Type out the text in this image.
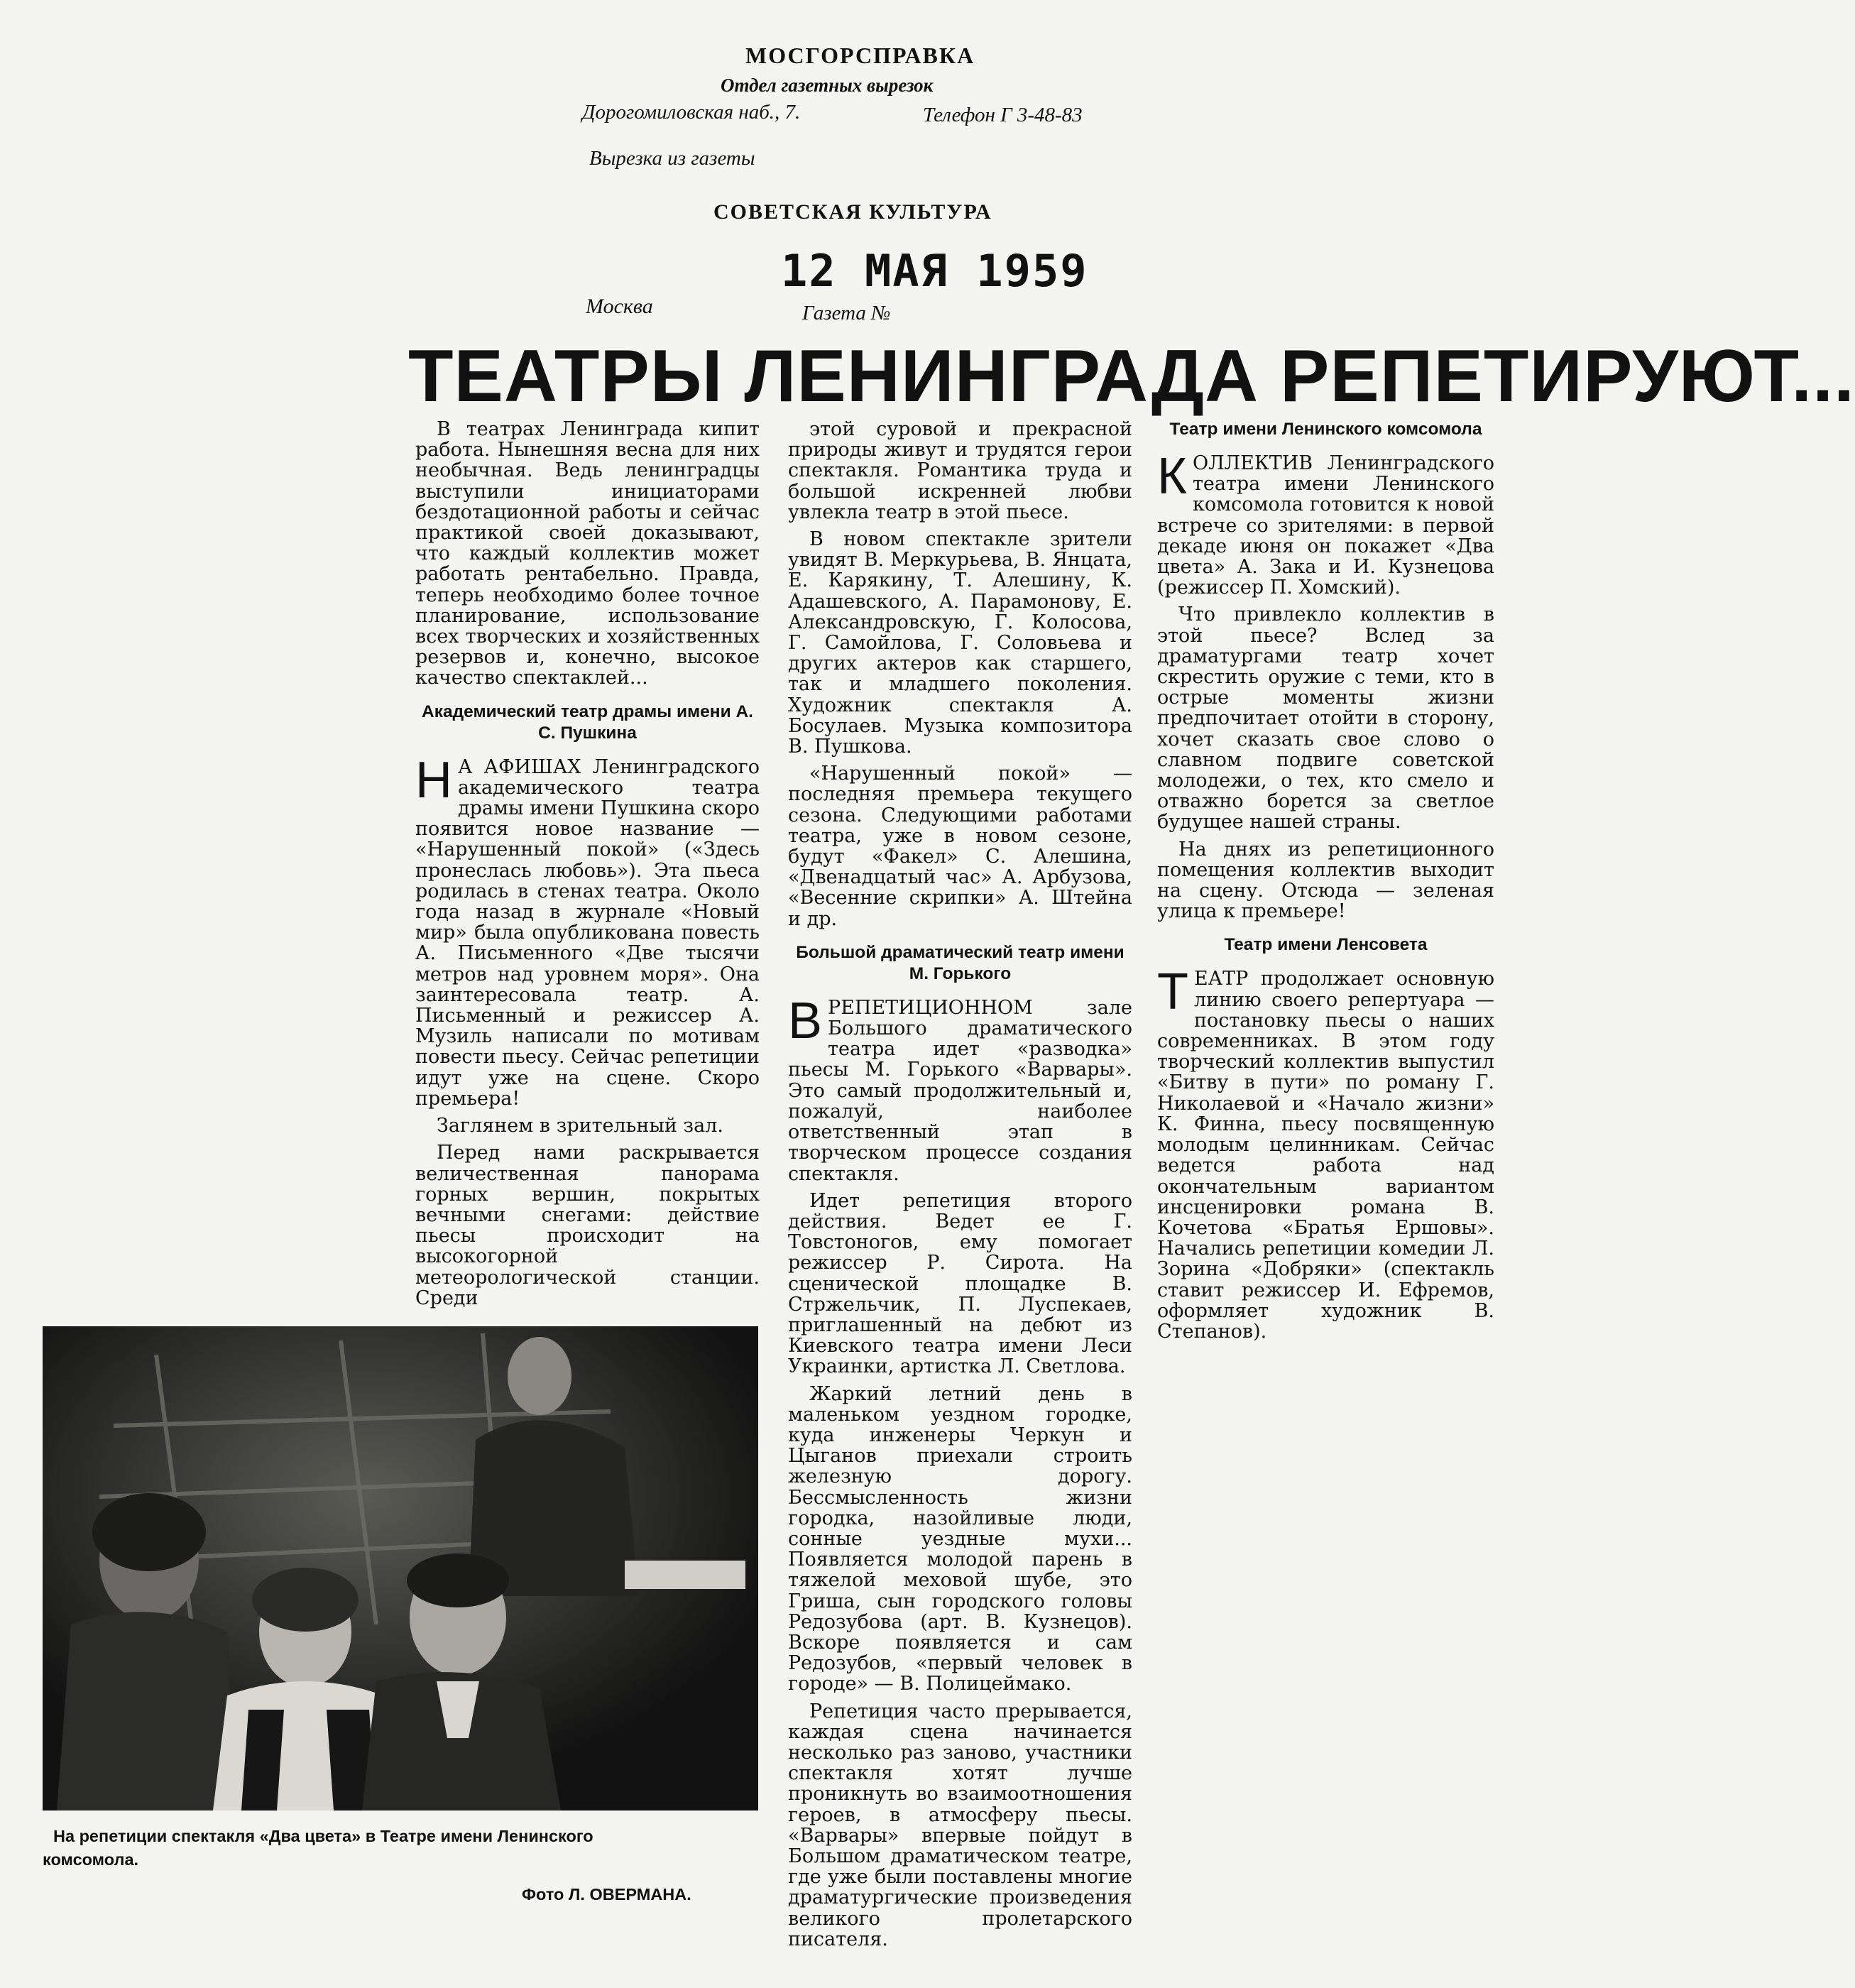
МОСГОРСПРАВКА
Отдел газетных вырезок
Дорогомиловская наб., 7.	Телефон Г 3-48-83
Вырезка из газеты
СОВЕТСКАЯ КУЛЬТУРА
12 МАЯ 1959
Москва	Газета №
ТЕАТРЫ ЛЕНИНГРАДА РЕПЕТИРУЮТ...

В театрах Ленинграда кипит работа. Нынешняя весна для них необычная. Ведь ленинградцы выступили инициаторами бездотационной работы и сейчас практикой своей доказывают, что каждый коллектив может работать рентабельно. Правда, теперь необходимо более точное планирование, использование всех творческих и хозяйственных резервов и, конечно, высокое качество спектаклей...

Академический театр драмы имени А. С. Пушкина

Н А АФИШАХ Ленинградского академического театра драмы имени Пушкина скоро появится новое название — «Нарушенный покой» («Здесь пронеслась любовь»). Эта пьеса родилась в стенах театра. Около года назад в журнале «Новый мир» была опубликована повесть А. Письменного «Две тысячи метров над уровнем моря». Она заинтересовала театр. А. Письменный и режиссер А. Музиль написали по мотивам повести пьесу. Сейчас репетиции идут уже на сцене. Скоро премьера!

Заглянем в зрительный зал.

Перед нами раскрывается величественная панорама горных вершин, покрытых вечными снегами: действие пьесы происходит на высокогорной метеорологической станции. Среди

этой суровой и прекрасной природы живут и трудятся герои спектакля. Романтика труда и большой искренней любви увлекла театр в этой пьесе.

В новом спектакле зрители увидят В. Меркурьева, В. Янцата, Е. Карякину, Т. Алешину, К. Адашевского, А. Парамонову, Е. Александровскую, Г. Колосова, Г. Самойлова, Г. Соловьева и других актеров как старшего, так и младшего поколения. Художник спектакля А. Босулаев. Музыка композитора В. Пушкова.

«Нарушенный покой» — последняя премьера текущего сезона. Следующими работами театра, уже в новом сезоне, будут «Факел» С. Алешина, «Двенадцатый час» А. Арбузова, «Весенние скрипки» А. Штейна и др.

Большой драматический театр имени М. Горького

ВРЕПЕТИЦИОННОМ зале Большого драматического театра идет «разводка» пьесы М. Горького «Варвары». Это самый продолжительный и, пожалуй, наиболее ответственный этап в творческом процессе создания спектакля.

Идет репетиция второго действия. Ведет ее Г. Товстоногов, ему помогает режиссер Р. Сирота. На сценической площадке В. Стржельчик, П. Луспекаев, приглашенный на дебют из Киевского театра имени Леси Украинки, артистка Л. Светлова.

Жаркий летний день в маленьком уездном городке, куда инженеры Черкун и Цыганов приехали строить железную дорогу. Бессмысленность жизни городка, назойливые люди, сонные уездные мухи... Появляется молодой парень в тяжелой меховой шубе, это Гриша, сын городского головы Редозубова (арт. В. Кузнецов). Вскоре появляется и сам Редозубов, «первый человек в городе» — В. Полицеймако.

Репетиция часто прерывается, каждая сцена начинается несколько раз заново, участники спектакля хотят лучше проникнуть во взаимоотношения героев, в атмосферу пьесы. «Варвары» впервые пойдут в Большом драматическом театре, где уже были поставлены многие драматургические произведения великого пролетарского писателя.

Театр имени Ленинского комсомола

КОЛЛЕКТИВ Ленинградского театра имени Ленинского комсомола готовится к новой встрече со зрителями: в первой декаде июня он покажет «Два цвета» А. Зака и И. Кузнецова (режиссер П. Хомский).

Что привлекло коллектив в этой пьесе? Вслед за драматургами театр хочет скрестить оружие с теми, кто в острые моменты жизни предпочитает отойти в сторону, хочет сказать свое слово о славном подвиге советской молодежи, о тех, кто смело и отважно борется за светлое будущее нашей страны.

На днях из репетиционного помещения коллектив выходит на сцену. Отсюда — зеленая улица к премьере!

Театр имени Ленсовета

ТЕАТР продолжает основную линию своего репертуара — постановку пьесы о наших современниках. В этом году творческий коллектив выпустил «Битву в пути» по роману Г. Николаевой и «Начало жизни» К. Финна, пьесу посвященную молодым целинникам. Сейчас ведется работа над окончательным вариантом инсценировки романа В. Кочетова «Братья Ершовы». Начались репетиции комедии Л. Зорина «Добряки» (спектакль ставит режиссер И. Ефремов, оформляет художник В. Степанов).

На репетиции спектакля «Два цвета» в Театре имени Ленинского
комсомола.
Фото Л. ОВЕРМАНА.
